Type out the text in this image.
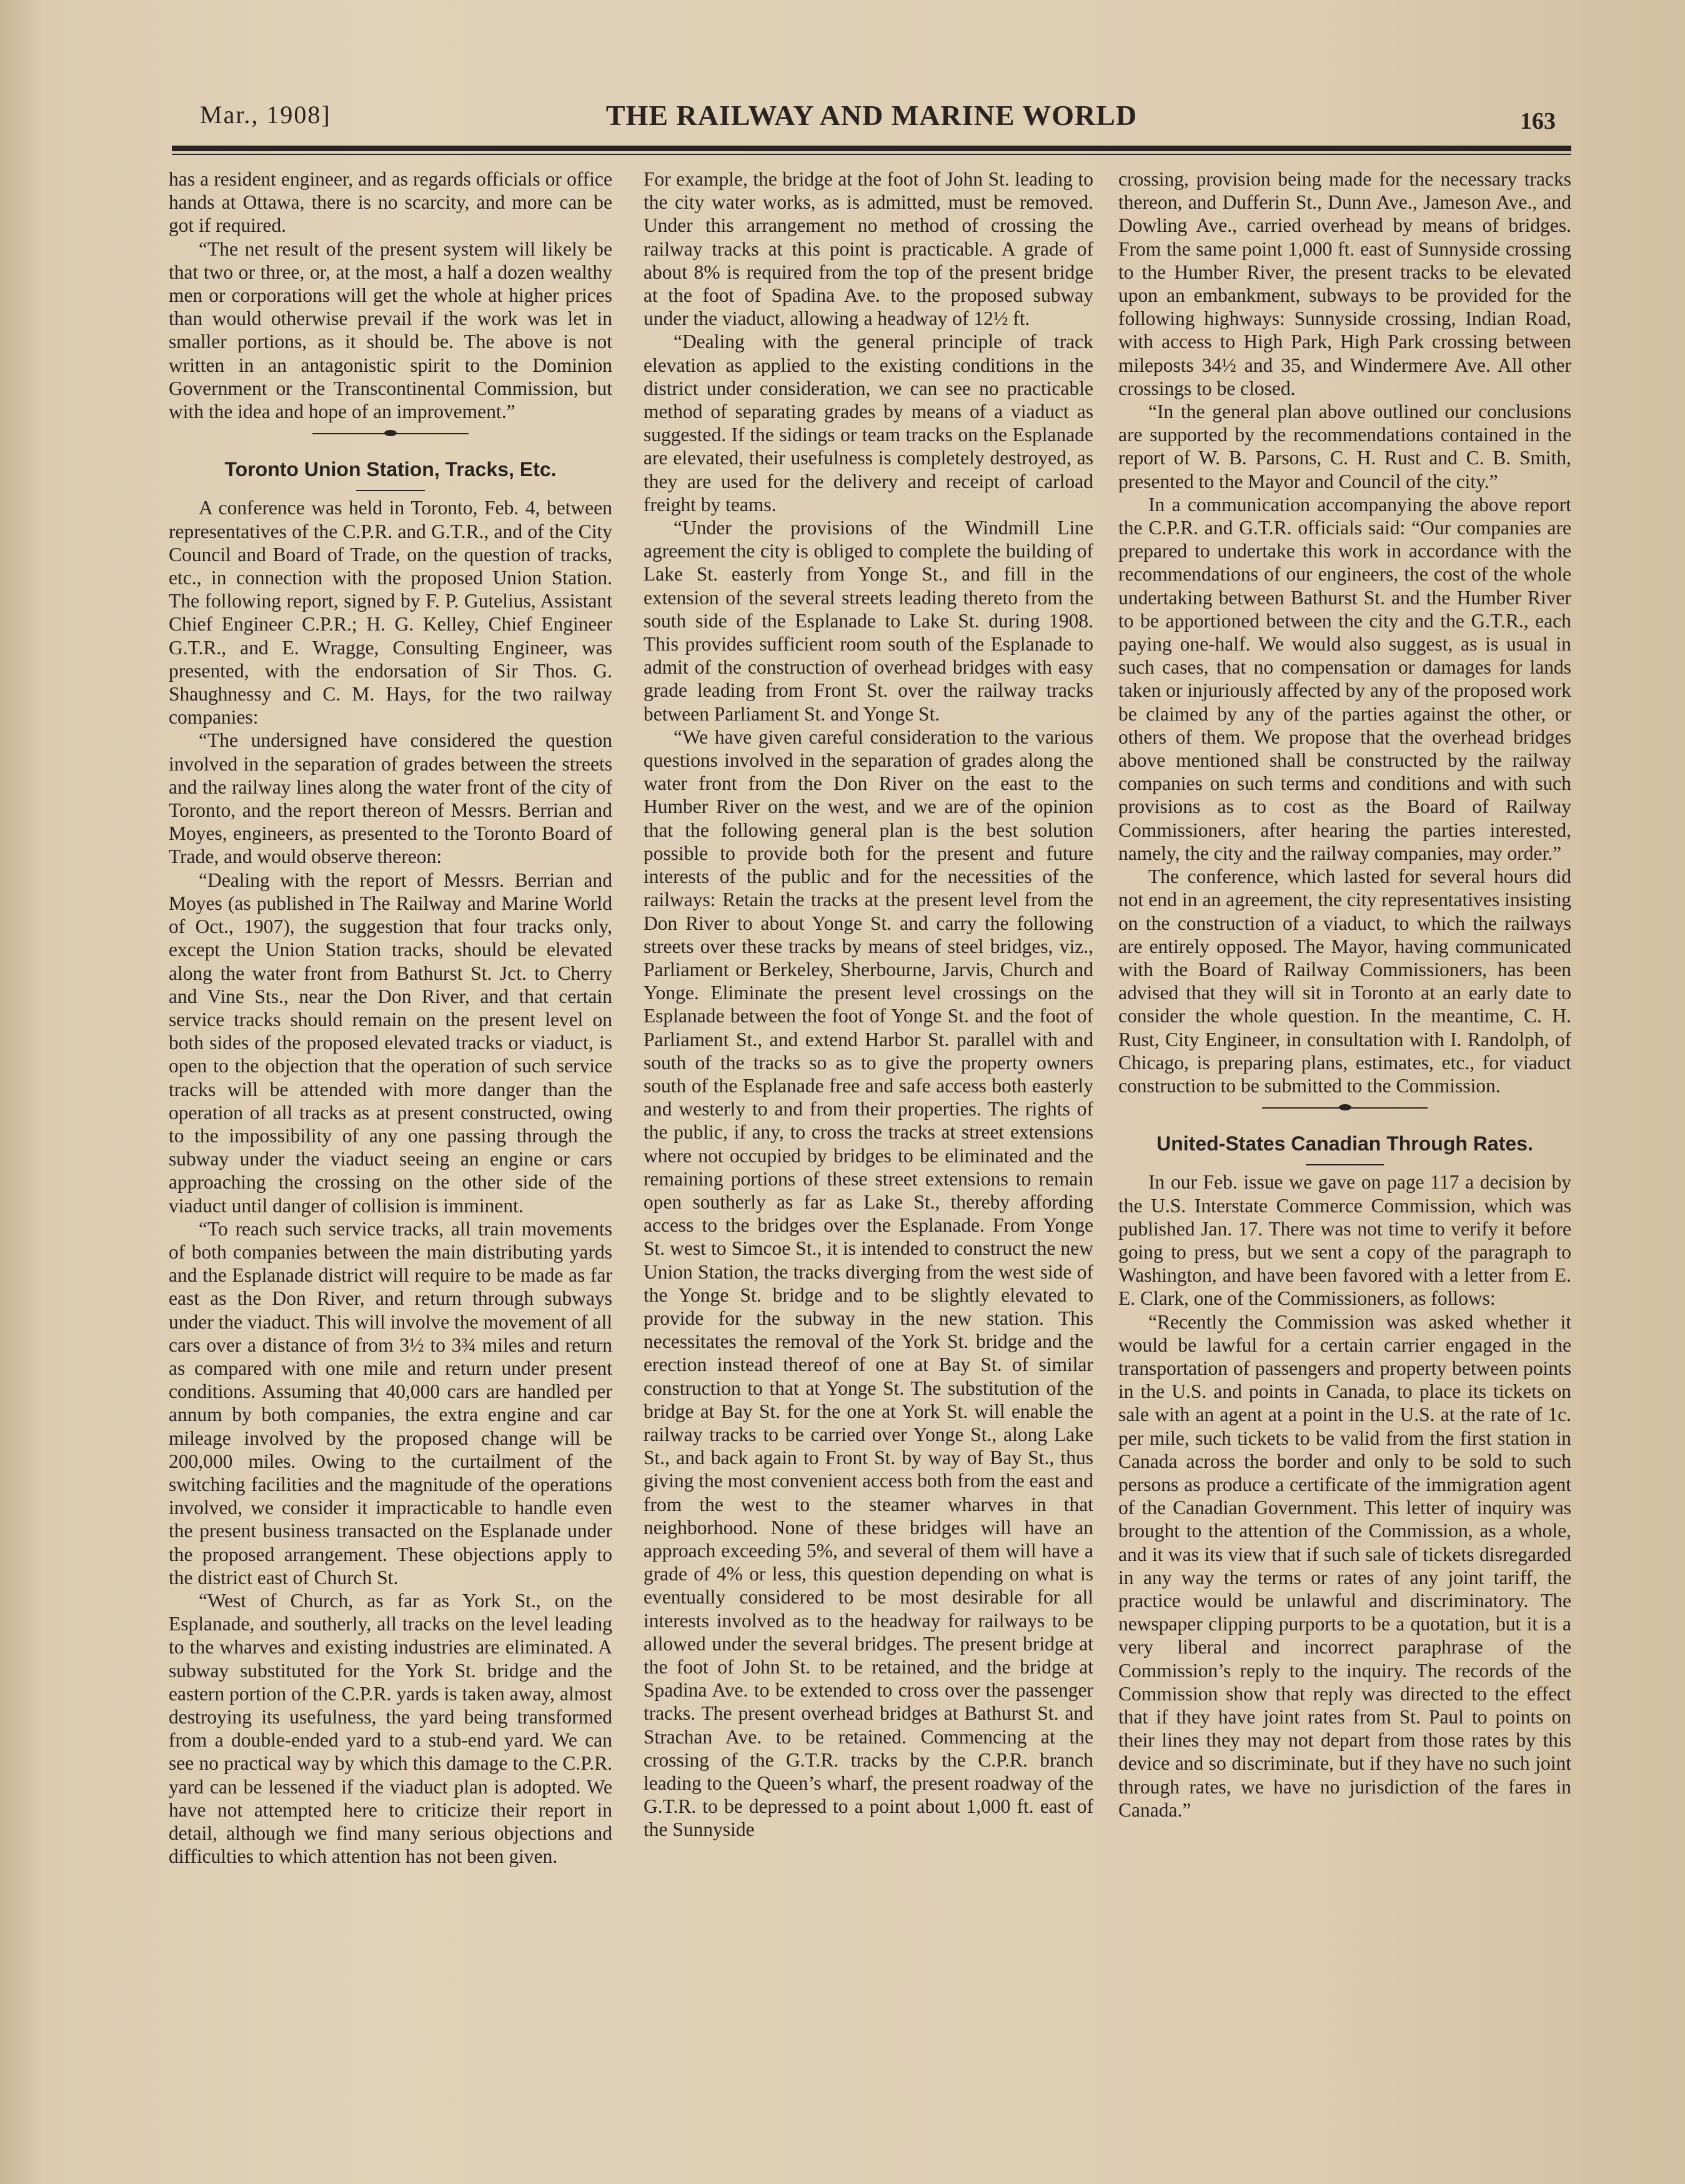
Mar., 1908]	THE RAILWAY AND MARINE WORLD	163

has a resident engineer, and as regards officials or office hands at Ottawa, there is no scarcity, and more can be got if required.

“The net result of the present system will likely be that two or three, or, at the most, a half a dozen wealthy men or corporations will get the whole at higher prices than would otherwise prevail if the work was let in smaller portions, as it should be. The above is not written in an antagonistic spirit to the Dominion Government or the Transcontinental Commission, but with the idea and hope of an improvement.”

Toronto Union Station, Tracks, Etc.

A conference was held in Toronto, Feb. 4, between representatives of the C.P.R. and G.T.R., and of the City Council and Board of Trade, on the question of tracks, etc., in connection with the proposed Union Station. The following report, signed by F. P. Gutelius, Assistant Chief Engineer C.P.R.; H. G. Kelley, Chief Engineer G.T.R., and E. Wragge, Consulting Engineer, was presented, with the endorsation of Sir Thos. G. Shaughnessy and C. M. Hays, for the two railway companies:

“The undersigned have considered the question involved in the separation of grades between the streets and the railway lines along the water front of the city of Toronto, and the report thereon of Messrs. Berrian and Moyes, engineers, as presented to the Toronto Board of Trade, and would observe thereon:

“Dealing with the report of Messrs. Berrian and Moyes (as published in The Railway and Marine World of Oct., 1907), the suggestion that four tracks only, except the Union Station tracks, should be elevated along the water front from Bathurst St. Jct. to Cherry and Vine Sts., near the Don River, and that certain service tracks should remain on the present level on both sides of the proposed elevated tracks or viaduct, is open to the objection that the operation of such service tracks will be attended with more danger than the operation of all tracks as at present constructed, owing to the impossibility of any one passing through the subway under the viaduct seeing an engine or cars approaching the crossing on the other side of the viaduct until danger of collision is imminent.

“To reach such service tracks, all train movements of both companies between the main distributing yards and the Esplanade district will require to be made as far east as the Don River, and return through subways under the viaduct. This will involve the movement of all cars over a distance of from 3½ to 3¾ miles and return as compared with one mile and return under present conditions. Assuming that 40,000 cars are handled per annum by both companies, the extra engine and car mileage involved by the proposed change will be 200,000 miles. Owing to the curtailment of the switching facilities and the magnitude of the operations involved, we consider it impracticable to handle even the present business transacted on the Esplanade under the proposed arrangement. These objections apply to the district east of Church St.

“West of Church, as far as York St., on the Esplanade, and southerly, all tracks on the level leading to the wharves and existing industries are eliminated. A subway substituted for the York St. bridge and the eastern portion of the C.P.R. yards is taken away, almost destroying its usefulness, the yard being transformed from a double-ended yard to a stub-end yard. We can see no practical way by which this damage to the C.P.R. yard can be lessened if the viaduct plan is adopted. We have not attempted here to criticize their report in detail, although we find many serious objections and difficulties to which attention has not been given.

For example, the bridge at the foot of John St. leading to the city water works, as is admitted, must be removed. Under this arrangement no method of crossing the railway tracks at this point is practicable. A grade of about 8% is required from the top of the present bridge at the foot of Spadina Ave. to the proposed subway under the viaduct, allowing a headway of 12½ ft.

“Dealing with the general principle of track elevation as applied to the existing conditions in the district under consideration, we can see no practicable method of separating grades by means of a viaduct as suggested. If the sidings or team tracks on the Esplanade are elevated, their usefulness is completely destroyed, as they are used for the delivery and receipt of carload freight by teams.

“Under the provisions of the Windmill Line agreement the city is obliged to complete the building of Lake St. easterly from Yonge St., and fill in the extension of the several streets leading thereto from the south side of the Esplanade to Lake St. during 1908. This provides sufficient room south of the Esplanade to admit of the construction of overhead bridges with easy grade leading from Front St. over the railway tracks between Parliament St. and Yonge St.

“We have given careful consideration to the various questions involved in the separation of grades along the water front from the Don River on the east to the Humber River on the west, and we are of the opinion that the following general plan is the best solution possible to provide both for the present and future interests of the public and for the necessities of the railways: Retain the tracks at the present level from the Don River to about Yonge St. and carry the following streets over these tracks by means of steel bridges, viz., Parliament or Berkeley, Sherbourne, Jarvis, Church and Yonge. Eliminate the present level crossings on the Esplanade between the foot of Yonge St. and the foot of Parliament St., and extend Harbor St. parallel with and south of the tracks so as to give the property owners south of the Esplanade free and safe access both easterly and westerly to and from their properties. The rights of the public, if any, to cross the tracks at street extensions where not occupied by bridges to be eliminated and the remaining portions of these street extensions to remain open southerly as far as Lake St., thereby affording access to the bridges over the Esplanade. From Yonge St. west to Simcoe St., it is intended to construct the new Union Station, the tracks diverging from the west side of the Yonge St. bridge and to be slightly elevated to provide for the subway in the new station. This necessitates the removal of the York St. bridge and the erection instead thereof of one at Bay St. of similar construction to that at Yonge St. The substitution of the bridge at Bay St. for the one at York St. will enable the railway tracks to be carried over Yonge St., along Lake St., and back again to Front St. by way of Bay St., thus giving the most convenient access both from the east and from the west to the steamer wharves in that neighborhood. None of these bridges will have an approach exceeding 5%, and several of them will have a grade of 4% or less, this question depending on what is eventually considered to be most desirable for all interests involved as to the headway for railways to be allowed under the several bridges. The present bridge at the foot of John St. to be retained, and the bridge at Spadina Ave. to be extended to cross over the passenger tracks. The present overhead bridges at Bathurst St. and Strachan Ave. to be retained. Commencing at the crossing of the G.T.R. tracks by the C.P.R. branch leading to the Queen’s wharf, the present roadway of the G.T.R. to be depressed to a point about 1,000 ft. east of the Sunnyside

crossing, provision being made for the necessary tracks thereon, and Dufferin St., Dunn Ave., Jameson Ave., and Dowling Ave., carried overhead by means of bridges. From the same point 1,000 ft. east of Sunnyside crossing to the Humber River, the present tracks to be elevated upon an embankment, subways to be provided for the following highways: Sunnyside crossing, Indian Road, with access to High Park, High Park crossing between mileposts 34½ and 35, and Windermere Ave. All other crossings to be closed.

“In the general plan above outlined our conclusions are supported by the recommendations contained in the report of W. B. Parsons, C. H. Rust and C. B. Smith, presented to the Mayor and Council of the city.”

In a communication accompanying the above report the C.P.R. and G.T.R. officials said: “Our companies are prepared to undertake this work in accordance with the recommendations of our engineers, the cost of the whole undertaking between Bathurst St. and the Humber River to be apportioned between the city and the G.T.R., each paying one-half. We would also suggest, as is usual in such cases, that no compensation or damages for lands taken or injuriously affected by any of the proposed work be claimed by any of the parties against the other, or others of them. We propose that the overhead bridges above mentioned shall be constructed by the railway companies on such terms and conditions and with such provisions as to cost as the Board of Railway Commissioners, after hearing the parties interested, namely, the city and the railway companies, may order.”

The conference, which lasted for several hours did not end in an agreement, the city representatives insisting on the construction of a viaduct, to which the railways are entirely opposed. The Mayor, having communicated with the Board of Railway Commissioners, has been advised that they will sit in Toronto at an early date to consider the whole question. In the meantime, C. H. Rust, City Engineer, in consultation with I. Randolph, of Chicago, is preparing plans, estimates, etc., for viaduct construction to be submitted to the Commission.

United-States Canadian Through Rates.

In our Feb. issue we gave on page 117 a decision by the U.S. Interstate Commerce Commission, which was published Jan. 17. There was not time to verify it before going to press, but we sent a copy of the paragraph to Washington, and have been favored with a letter from E. E. Clark, one of the Commissioners, as follows:

“Recently the Commission was asked whether it would be lawful for a certain carrier engaged in the transportation of passengers and property between points in the U.S. and points in Canada, to place its tickets on sale with an agent at a point in the U.S. at the rate of 1c. per mile, such tickets to be valid from the first station in Canada across the border and only to be sold to such persons as produce a certificate of the immigration agent of the Canadian Government. This letter of inquiry was brought to the attention of the Commission, as a whole, and it was its view that if such sale of tickets disregarded in any way the terms or rates of any joint tariff, the practice would be unlawful and discriminatory. The newspaper clipping purports to be a quotation, but it is a very liberal and incorrect paraphrase of the Commission’s reply to the inquiry. The records of the Commission show that reply was directed to the effect that if they have joint rates from St. Paul to points on their lines they may not depart from those rates by this device and so discriminate, but if they have no such joint through rates, we have no jurisdiction of the fares in Canada.”
